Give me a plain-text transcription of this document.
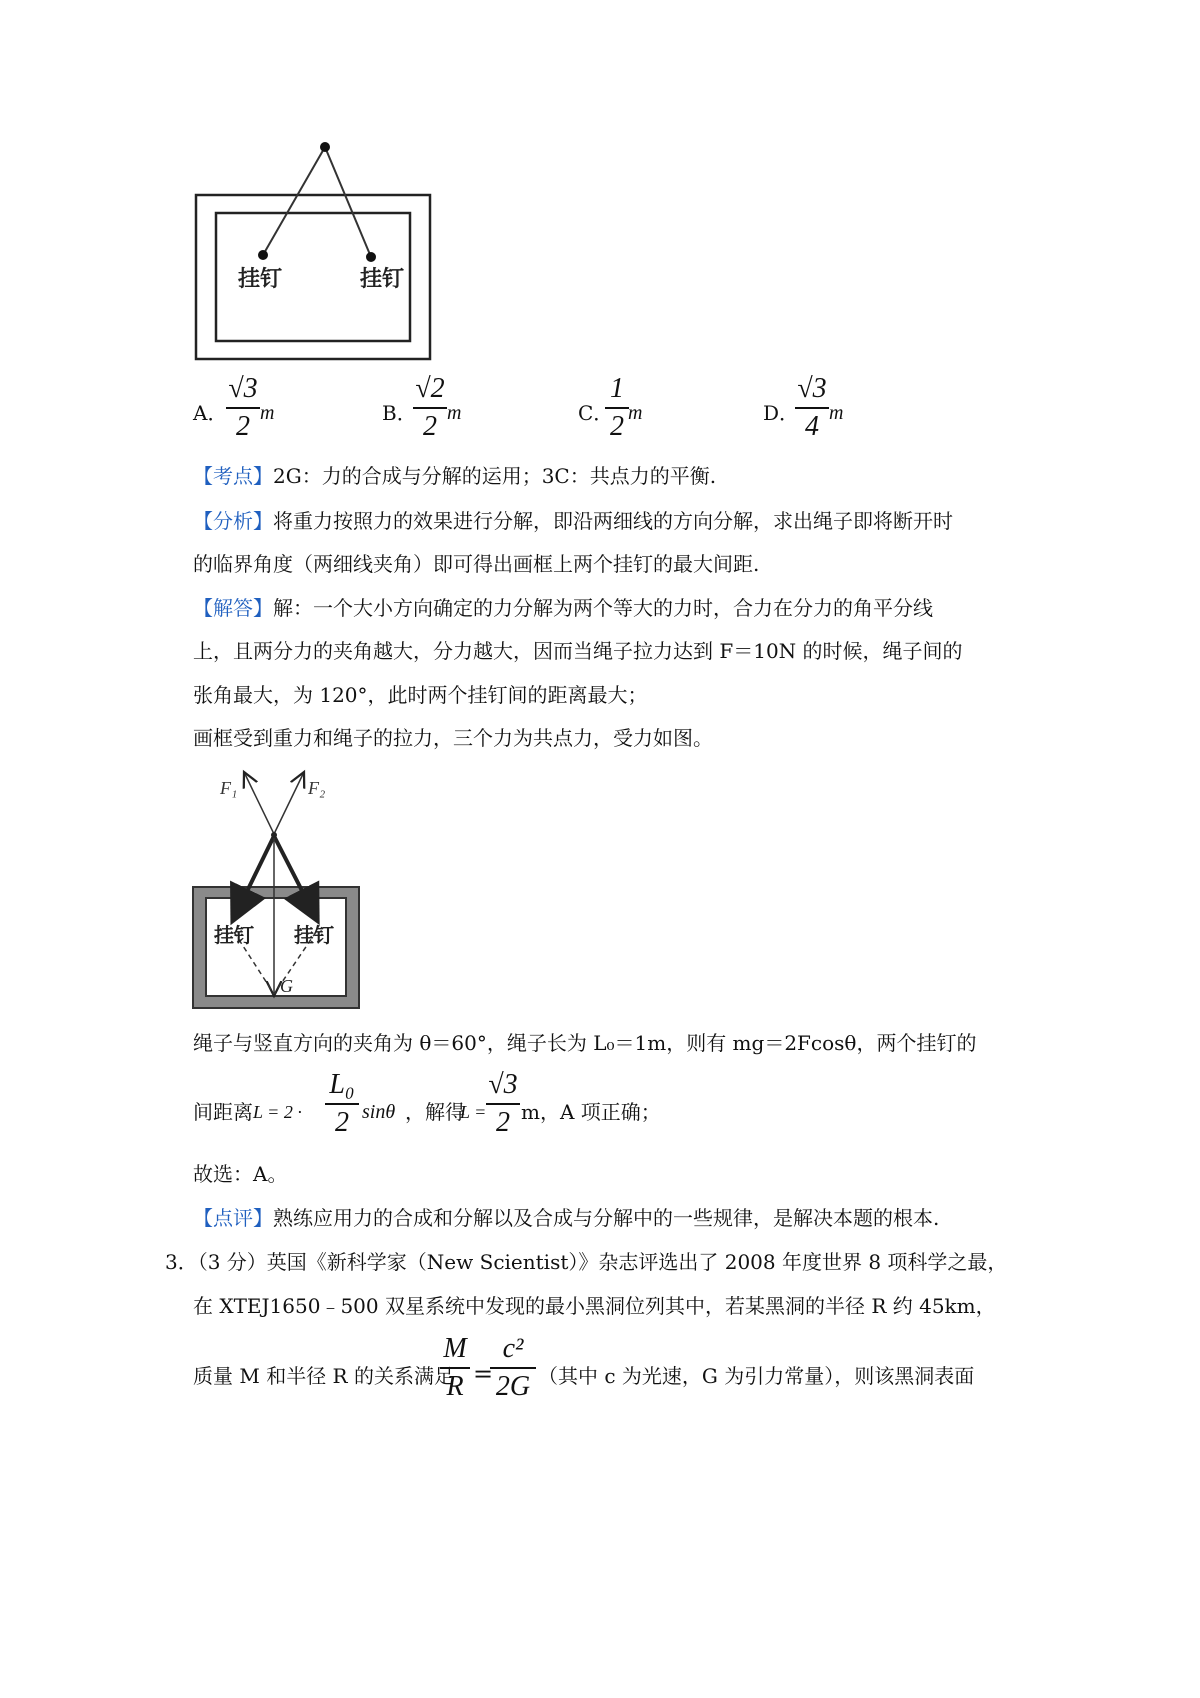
挂钉	挂钉
A．
√3
2 m	B．
√2
2 m	C．
1
2 m	D．
√3
4 m
【考点】2G：力的合成与分解的运用；3C：共点力的平衡.
【分析】将重力按照力的效果进行分解，即沿两细线的方向分解，求出绳子即将断开时
的临界角度（两细线夹角）即可得出画框上两个挂钉的最大间距.
【解答】解：一个大小方向确定的力分解为两个等大的力时，合力在分力的角平分线
上，且两分力的夹角越大，分力越大，因而当绳子拉力达到 F＝10N 的时候，绳子间的
张角最大，为 120°，此时两个挂钉间的距离最大；
画框受到重力和绳子的拉力，三个力为共点力，受力如图。
F₁	F₂
挂钉 挂钉
G
绳子与竖直方向的夹角为 θ＝60°，绳子长为 L₀＝1m，则有 mg＝2Fcosθ，两个挂钉的
间距离 L = 2 ·
L₀
2 sinθ ，解得
L =
√3
2 m，A 项正确；
故选：A。
【点评】熟练应用力的合成和分解以及合成与分解中的一些规律，是解决本题的根本.
3．（3 分）英国《新科学家（New Scientist）》杂志评选出了 2008 年度世界 8 项科学之最，
在 XTEJ1650﹣500 双星系统中发现的最小黑洞位列其中，若某黑洞的半径 R 约 45km，
质量 M 和半径 R 的关系满足
M
R =
c²
2G （其中 c 为光速，G 为引力常量），则该黑洞表面
